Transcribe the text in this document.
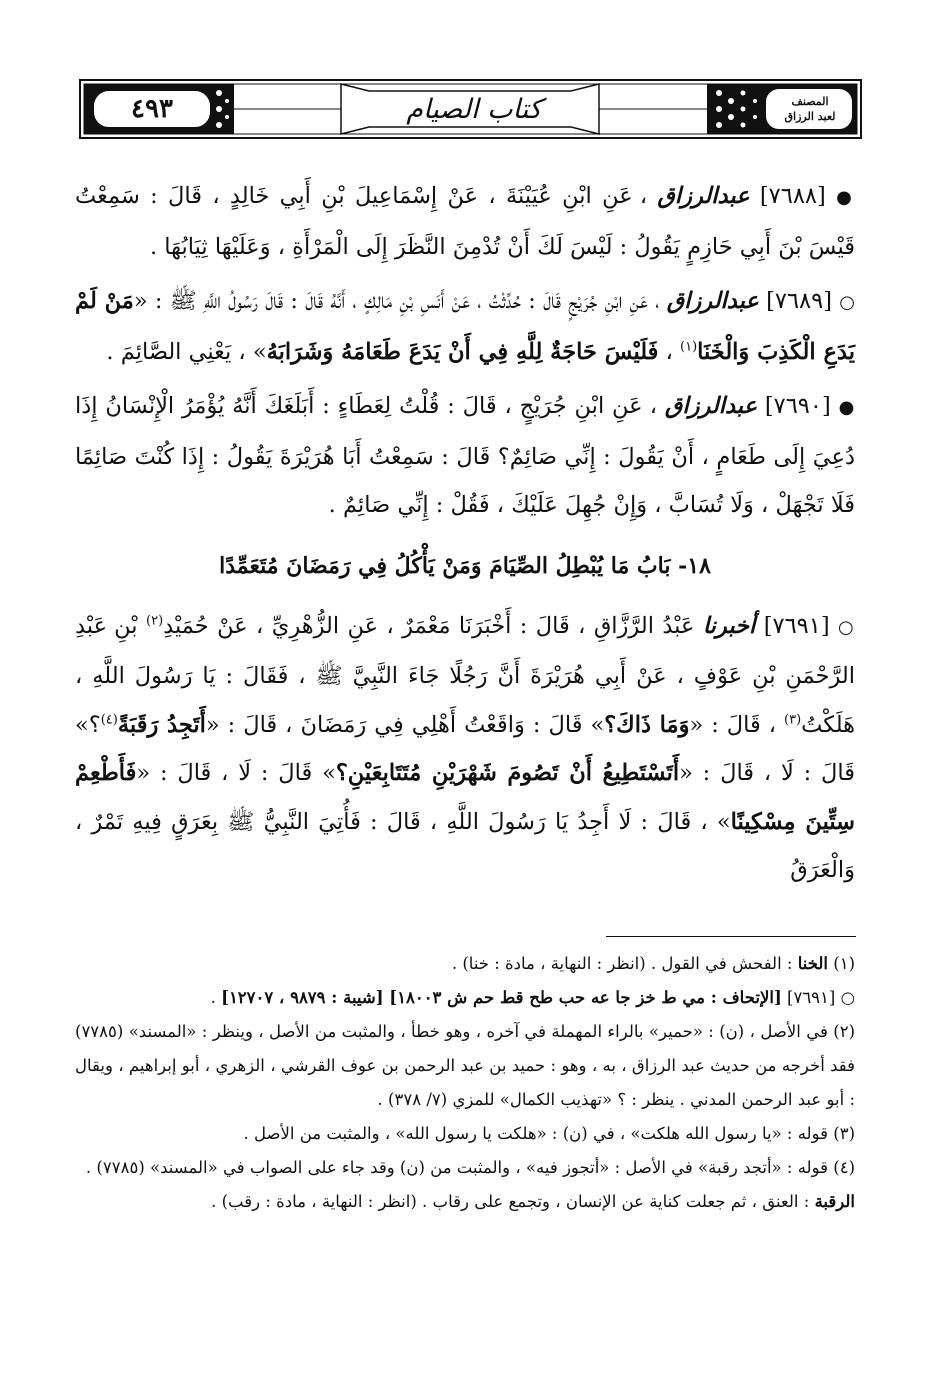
٤٩٣	كتاب الصيام	المصنف
لعبد الرزاق

● [٧٦٨٨] عبدالرزاق ، عَنِ ابْنِ عُيَيْنَةَ ، عَنْ إِسْمَاعِيلَ بْنِ أَبِي خَالِدٍ ، قَالَ : سَمِعْتُ قَيْسَ بْنَ أَبِي حَازِمٍ يَقُولُ : لَيْسَ لَكَ أَنْ تُدْمِنَ النَّظَرَ إِلَى الْمَرْأَةِ ، وَعَلَيْهَا ثِيَابُهَا .

○ [٧٦٨٩] عبدالرزاق ، عَنِ ابْنِ جُرَيْجٍ قَالَ : حُدِّثْتُ ، عَنْ أَنَسِ بْنِ مَالِكٍ ، أَنَّهُ قَالَ : قَالَ رَسُولُ اللَّهِ ﷺ : «مَنْ لَمْ يَدَعِ الْكَذِبَ وَالْخَنَا$^{(١)}$ ، فَلَيْسَ حَاجَةٌ لِلَّهِ فِي أَنْ يَدَعَ طَعَامَهُ وَشَرَابَهُ» ، يَعْنِي الصَّائِمَ .

● [٧٦٩٠] عبدالرزاق ، عَنِ ابْنِ جُرَيْجٍ ، قَالَ : قُلْتُ لِعَطَاءٍ : أَبَلَغَكَ أَنَّهُ يُؤْمَرُ الْإِنْسَانُ إِذَا دُعِيَ إِلَى طَعَامٍ ، أَنْ يَقُولَ : إِنِّي صَائِمٌ؟ قَالَ : سَمِعْتُ أَبَا هُرَيْرَةَ يَقُولُ : إِذَا كُنْتَ صَائِمًا فَلَا تَجْهَلْ ، وَلَا تُسَابَّ ، وَإِنْ جُهِلَ عَلَيْكَ ، فَقُلْ : إِنِّي صَائِمٌ .

١٨- بَابُ مَا يُبْطِلُ الصِّيَامَ وَمَنْ يَأْكُلُ فِي رَمَضَانَ مُتَعَمِّدًا

○ [٧٦٩١] أخبرنا عَبْدُ الرَّزَّاقِ ، قَالَ : أَخْبَرَنَا مَعْمَرٌ ، عَنِ الزُّهْرِيِّ ، عَنْ حُمَيْدِ$^{(٢)}$ بْنِ عَبْدِ الرَّحْمَنِ بْنِ عَوْفٍ ، عَنْ أَبِي هُرَيْرَةَ أَنَّ رَجُلًا جَاءَ النَّبِيَّ ﷺ ، فَقَالَ : يَا رَسُولَ اللَّهِ ، هَلَكْتُ$^{(٣)}$ ، قَالَ : «وَمَا ذَاكَ؟» قَالَ : وَاقَعْتُ أَهْلِي فِي رَمَضَانَ ، قَالَ : «أَتَجِدُ رَقَبَةً$^{(٤)}$؟» قَالَ : لَا ، قَالَ : «أَتَسْتَطِيعُ أَنْ تَصُومَ شَهْرَيْنِ مُتَتَابِعَيْنِ؟» قَالَ : لَا ، قَالَ : «فَأَطْعِمْ سِتِّينَ مِسْكِينًا» ، قَالَ : لَا أَجِدُ يَا رَسُولَ اللَّهِ ، قَالَ : فَأُتِيَ النَّبِيُّ ﷺ بِعَرَقٍ فِيهِ تَمْرٌ ، وَالْعَرَقُ

(١) الخنا : الفحش في القول . (انظر : النهاية ، مادة : خنا) .

○ [٧٦٩١] [الإتحاف : مي ط خز جا عه حب طح قط حم ش ١٨٠٠٣] [شيبة : ٩٨٧٩ ، ١٢٧٠٧] .

(٢) في الأصل ، (ن) : «حمير» بالراء المهملة في آخره ، وهو خطأ ، والمثبت من الأصل ، وينظر : «المسند» (٧٧٨٥) فقد أخرجه من حديث عبد الرزاق ، به ، وهو : حميد بن عبد الرحمن بن عوف القرشي ، الزهري ، أبو إبراهيم ، ويقال : أبو عبد الرحمن المدني . ينظر : ؟ «تهذيب الكمال» للمزي (٧/ ٣٧٨) .

(٣) قوله : «يا رسول الله هلكت» ، في (ن) : «هلكت يا رسول الله» ، والمثبت من الأصل .

(٤) قوله : «أتجد رقبة» في الأصل : «أتجوز فيه» ، والمثبت من (ن) وقد جاء على الصواب في «المسند» (٧٧٨٥) .

الرقبة : العنق ، ثم جعلت كناية عن الإنسان ، وتجمع على رقاب . (انظر : النهاية ، مادة : رقب) .
